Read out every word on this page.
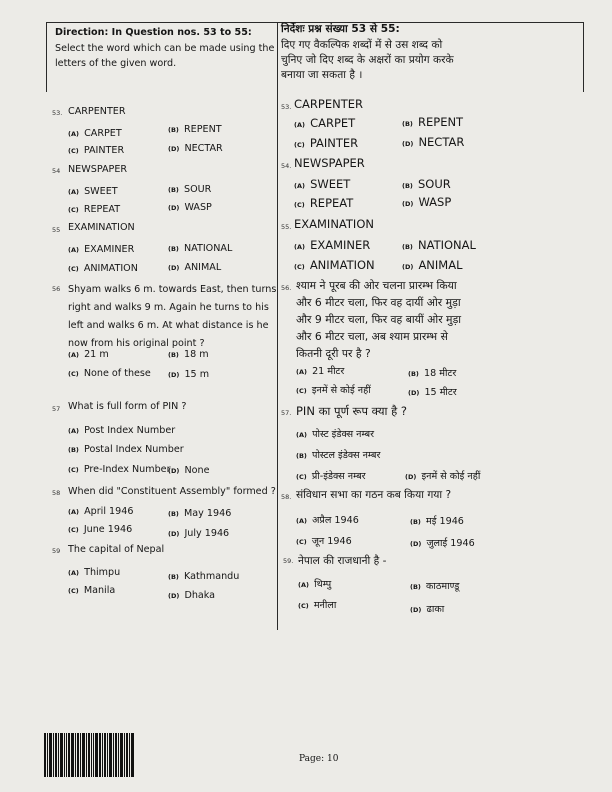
Direction: In Question nos. 53 to 55:
Select the word which can be made using the
letters of the given word.
निर्देशः प्रश्न संख्या 53 से 55:
दिए गए वैकल्पिक शब्दों में से उस शब्द को
चुनिए जो दिए शब्द के अक्षरों का प्रयोग करके
बनाया जा सकता है ।
53. CARPENTER
(A) CARPET	(B) REPENT
(C) PAINTER	(D) NECTAR
54 NEWSPAPER
(A) SWEET	(B) SOUR
(C) REPEAT	(D) WASP
55 EXAMINATION
(A) EXAMINER	(B) NATIONAL
(C) ANIMATION	(D) ANIMAL
56 Shyam walks 6 m. towards East, then turns
right and walks 9 m. Again he turns to his
left and walks 6 m. At what distance is he
now from his original point ?
(A) 21 m	(B) 18 m
(C) None of these	(D) 15 m
57 What is full form of PIN ?
(A) Post Index Number
(B) Postal Index Number
(C) Pre-Index Number
(D) None
58 When did "Constituent Assembly" formed ?
(A) April 1946	(B) May 1946
(C) June 1946	(D) July 1946
59 The capital of Nepal
(A) Thimpu	(B) Kathmandu
(C) Manila	(D) Dhaka
53. CARPENTER
(A) CARPET	(B) REPENT
(C) PAINTER	(D) NECTAR
54. NEWSPAPER
(A) SWEET	(B) SOUR
(C) REPEAT	(D) WASP
55. EXAMINATION
(A) EXAMINER	(B) NATIONAL
(C) ANIMATION	(D) ANIMAL
56. श्याम ने पूरब की ओर चलना प्रारम्भ किया
और 6 मीटर चला, फिर वह दायीं ओर मुड़ा
और 9 मीटर चला, फिर वह बायीं ओर मुड़ा
और 6 मीटर चला, अब श्याम प्रारम्भ से
कितनी दूरी पर है ?
(A) 21 मीटर	(B) 18 मीटर
(C) इनमें से कोई नहीं	(D) 15 मीटर
57. PIN का पूर्ण रूप क्या है ?
(A) पोस्ट इंडेक्स नम्बर
(B) पोस्टल इंडेक्स नम्बर
(C) प्री-इंडेक्स नम्बर	(D) इनमें से कोई नहीं
58. संविधान सभा का गठन कब किया गया ?
(A) अप्रैल 1946	(B) मई 1946
(C) जून 1946	(D) जुलाई 1946
59. नेपाल की राजधानी है -
(A) थिम्पु	(B) काठमाण्डू
(C) मनीला	(D) ढाका
Page: 10
